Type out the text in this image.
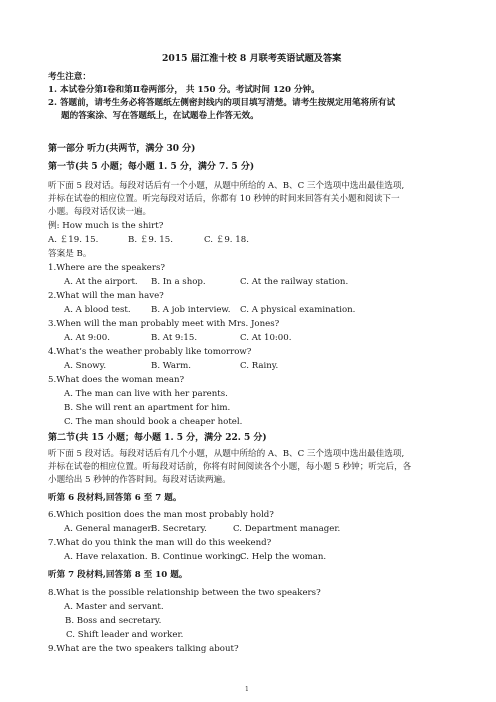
2015 届江淮十校 8 月联考英语试题及答案
考生注意：
1. 本试卷分第Ⅰ卷和第Ⅱ卷两部分， 共 150 分。考试时间 120 分钟。
2. 答题前，请考生务必将答题纸左侧密封线内的项目填写清楚。请考生按规定用笔将所有试
题的答案涂、写在答题纸上，在试题卷上作答无效。
第一部分 听力(共两节，满分 30 分)
第一节(共 5 小题；每小题 1. 5 分，满分 7. 5 分)
听下面 5 段对话。每段对话后有一个小题，从题中所给的 A、B、C 三个选项中选出最佳选项,
并标在试卷的相应位置。听完每段对话后，你都有 10 秒钟的时间来回答有关小题和阅读下一
小题。每段对话仅读一遍。
例: How much is the shirt?
A. ￡19. 15.	B. ￡9. 15.	C. ￡9. 18.
答案是 B。
1.Where are the speakers?
A. At the airport. B. In a shop.	C. At the railway station.
2.What will the man have?
A. A blood test. B. A job interview. C. A physical examination.
3.When will the man probably meet with Mrs. Jones?
A. At 9:00.	B. At 9:15.	C. At 10:00.
4.What’s the weather probably like tomorrow?
A. Snowy.	B. Warm.	C. Rainy.
5.What does the woman mean?
A. The man can live with her parents.
B. She will rent an apartment for him.
C. The man should book a cheaper hotel.
第二节(共 15 小题；每小题 1. 5 分，满分 22. 5 分)
听下面 5 段对话。每段对话后有几个小题，从题中所给的 A、B、C 三个选项中选出最佳选项,
并标在试卷的相应位置。听每段对话前，你将有时间阅读各个小题，每小题 5 秒钟；听完后，各
小题给出 5 秒钟的作答时间。每段对话读两遍。
听第 6 段材料,回答第 6 至 7 题。
6.Which position does the man most probably hold?
A. General manager.
B. Secretary.	C. Department manager.
7.What do you think the man will do this weekend?
A. Have relaxation. B. Continue working.
C. Help the woman.
听第 7 段材料,回答第 8 至 10 题。
8.What is the possible relationship between the two speakers?
A. Master and servant.
B. Boss and secretary.
C. Shift leader and worker.
9.What are the two speakers talking about?
1
